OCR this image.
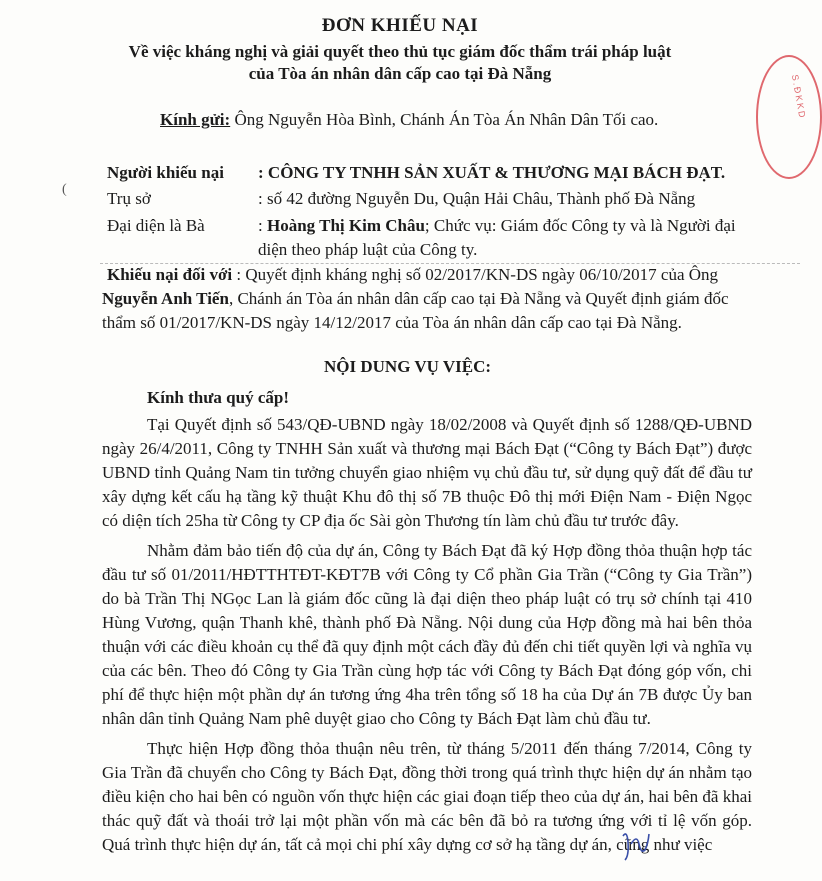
S.ĐKKD
ĐƠN KHIẾU NẠI
Về việc kháng nghị và giải quyết theo thủ tục giám đốc thẩm trái pháp luật
của Tòa án nhân dân cấp cao tại Đà Nẵng
Kính gửi: Ông Nguyễn Hòa Bình, Chánh Án Tòa Án Nhân Dân Tối cao.
Người khiếu nại : CÔNG TY TNHH SẢN XUẤT & THƯƠNG MẠI BÁCH ĐẠT.
( Trụ sở	: số 42 đường Nguyễn Du, Quận Hải Châu, Thành phố Đà Nẵng
Đại diện là Bà	: Hoàng Thị Kim Châu; Chức vụ: Giám đốc Công ty và là Người đại
diện theo pháp luật của Công ty.
Khiếu nại đối với : Quyết định kháng nghị số 02/2017/KN-DS ngày 06/10/2017 của Ông
Nguyễn Anh Tiến, Chánh án Tòa án nhân dân cấp cao tại Đà Nẵng và Quyết định giám đốc
thẩm số 01/2017/KN-DS ngày 14/12/2017 của Tòa án nhân dân cấp cao tại Đà Nẵng.
NỘI DUNG VỤ VIỆC:
Kính thưa quý cấp!

Tại Quyết định số 543/QĐ-UBND ngày 18/02/2008 và Quyết định số 1288/QĐ-UBND ngày 26/4/2011, Công ty TNHH Sản xuất và thương mại Bách Đạt (“Công ty Bách Đạt”) được UBND tỉnh Quảng Nam tin tưởng chuyển giao nhiệm vụ chủ đầu tư, sử dụng quỹ đất để đầu tư xây dựng kết cấu hạ tầng kỹ thuật Khu đô thị số 7B thuộc Đô thị mới Điện Nam - Điện Ngọc có diện tích 25ha từ Công ty CP địa ốc Sài gòn Thương tín làm chủ đầu tư trước đây.

Nhằm đảm bảo tiến độ của dự án, Công ty Bách Đạt đã ký Hợp đồng thỏa thuận hợp tác đầu tư số 01/2011/HĐTTHTĐT-KĐT7B với Công ty Cổ phần Gia Trần (“Công ty Gia Trần”) do bà Trần Thị NGọc Lan là giám đốc cũng là đại diện theo pháp luật có trụ sở chính tại 410 Hùng Vương, quận Thanh khê, thành phố Đà Nẵng. Nội dung của Hợp đồng mà hai bên thỏa thuận với các điều khoản cụ thể đã quy định một cách đầy đủ đến chi tiết quyền lợi và nghĩa vụ của các bên. Theo đó Công ty Gia Trần cùng hợp tác với Công ty Bách Đạt đóng góp vốn, chi phí để thực hiện một phần dự án tương ứng 4ha trên tổng số 18 ha của Dự án 7B được Ủy ban nhân dân tỉnh Quảng Nam phê duyệt giao cho Công ty Bách Đạt làm chủ đầu tư.

Thực hiện Hợp đồng thỏa thuận nêu trên, từ tháng 5/2011 đến tháng 7/2014, Công ty Gia Trần đã chuyển cho Công ty Bách Đạt, đồng thời trong quá trình thực hiện dự án nhằm tạo điều kiện cho hai bên có nguồn vốn thực hiện các giai đoạn tiếp theo của dự án, hai bên đã khai thác quỹ đất và thoái trở lại một phần vốn mà các bên đã bỏ ra tương ứng với tỉ lệ vốn góp. Quá trình thực hiện dự án, tất cả mọi chi phí xây dựng cơ sở hạ tầng dự án, cũng như việc
